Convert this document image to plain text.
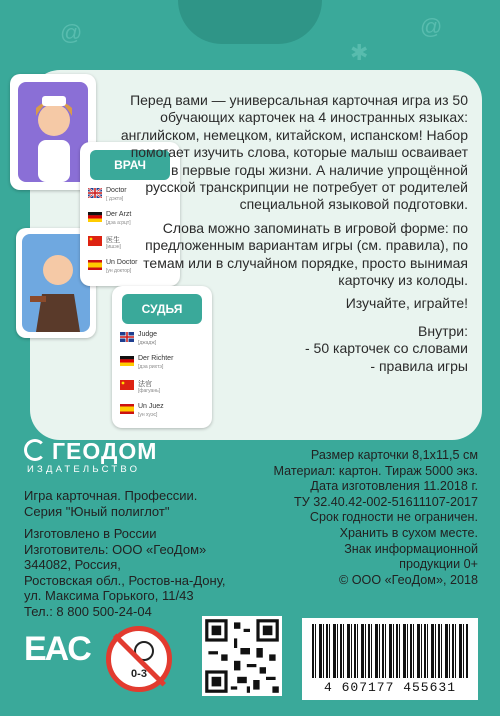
@	@
✱
ВРАЧ
Doctor
[ˈдɔктə]
Der Arzt
[дэа а:рцт]
医生
[ишэн]
Un Doctor
[ун доктор]
СУДЬЯ
Judge
[джадж]
Der Richter
[дэа рихтэ]
法官
[фагуань]
Un Juez
[ун хуэс]

Перед вами — универсальная карточная игра из 50 обучающих карточек на 4 иностранных языках: английском, немецком, китайском, испанском! Набор помогает изучить слова, которые малыш осваивает в первые годы жизни. А наличие упрощённой русской транскрипции не потребует от родителей специальной языковой подготовки.

Слова можно запоминать в игровой форме: по предложенным вариантам игры (см. правила), по темам или в случайном порядке, просто вынимая карточку из колоды.

Изучайте, играйте!

Внутри:

- 50 карточек со словами

- правила игры

ГЕОДОМ
ИЗДАТЕЛЬСТВО
Игра карточная. Профессии.
Серия "Юный полиглот"
Изготовлено в России
Изготовитель: ООО «ГеоДом»
344082, Россия,
Ростовская обл., Ростов-на-Дону,
ул. Максима Горького, 11/43
Тел.: 8 800 500-24-04
Размер карточки 8,1х11,5 см
Материал: картон. Тираж 5000 экз.
Дата изготовления 11.2018 г.
ТУ 32.40.42-002-51611107-2017
Срок годности не ограничен.
Хранить в сухом месте.
Знак информационной
продукции 0+
© ООО «ГеоДом», 2018
EAC
0-3
4 607177 455631
